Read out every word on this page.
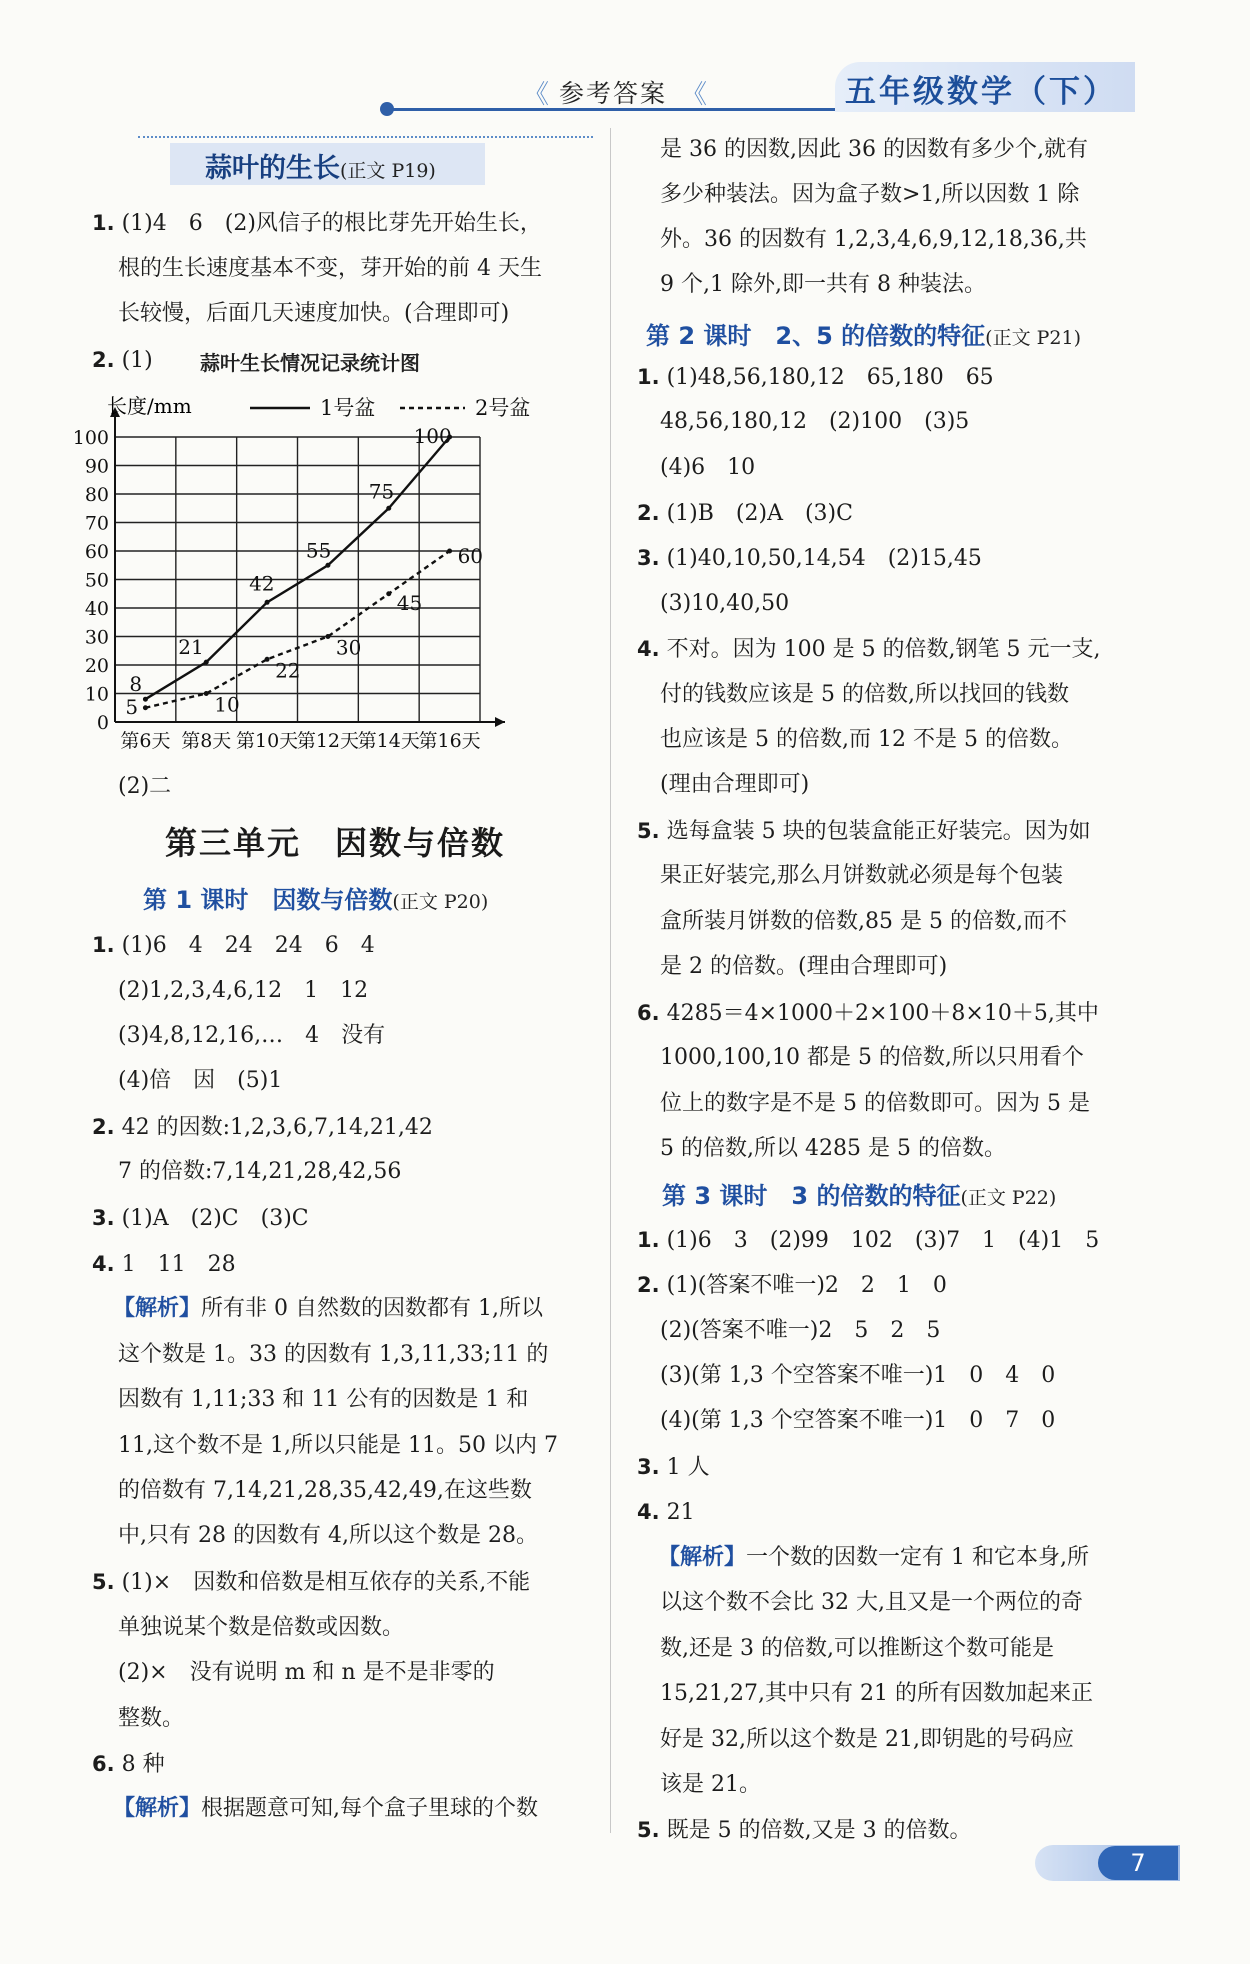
《 参考答案 《	五年级数学（下）
蒜叶的生长(正文 P19)
1. (1)4　6　(2)风信子的根比芽先开始生长，
根的生长速度基本不变，芽开始的前 4 天生
长较慢，后面几天速度加快。(合理即可)
2. (1) 蒜叶生长情况记录统计图
0
10
20
30
40
50
60
70
80
90
100
第6天 第8天 第10天
第12天
第14天
第16天
8
21
42
55
75
100
5	10
22
30
45
60
1号盆	2号盆
长度/mm
(2)二
第三单元　因数与倍数
第 1 课时　因数与倍数(正文 P20)
1. (1)6　4　24　24　6　4
(2)1,2,3,4,6,12　1　12
(3)4,8,12,16,…　4　没有
(4)倍　因　(5)1
2. 42 的因数:1,2,3,6,7,14,21,42
7 的倍数:7,14,21,28,42,56
3. (1)A　(2)C　(3)C
4. 1　11　28
【解析】所有非 0 自然数的因数都有 1,所以
这个数是 1。33 的因数有 1,3,11,33;11 的
因数有 1,11;33 和 11 公有的因数是 1 和
11,这个数不是 1,所以只能是 11。50 以内 7
的倍数有 7,14,21,28,35,42,49,在这些数
中,只有 28 的因数有 4,所以这个数是 28。
5. (1)×　因数和倍数是相互依存的关系,不能
单独说某个数是倍数或因数。
(2)×　没有说明 m 和 n 是不是非零的
整数。
6. 8 种
【解析】根据题意可知,每个盒子里球的个数
是 36 的因数,因此 36 的因数有多少个,就有
多少种装法。因为盒子数>1,所以因数 1 除
外。36 的因数有 1,2,3,4,6,9,12,18,36,共
9 个,1 除外,即一共有 8 种装法。
第 2 课时　2、5 的倍数的特征(正文 P21)
1. (1)48,56,180,12　65,180　65
48,56,180,12　(2)100　(3)5
(4)6　10
2. (1)B　(2)A　(3)C
3. (1)40,10,50,14,54　(2)15,45
(3)10,40,50
4. 不对。因为 100 是 5 的倍数,钢笔 5 元一支,
付的钱数应该是 5 的倍数,所以找回的钱数
也应该是 5 的倍数,而 12 不是 5 的倍数。
(理由合理即可)
5. 选每盒装 5 块的包装盒能正好装完。因为如
果正好装完,那么月饼数就必须是每个包装
盒所装月饼数的倍数,85 是 5 的倍数,而不
是 2 的倍数。(理由合理即可)
6. 4285＝4×1000＋2×100＋8×10＋5,其中
1000,100,10 都是 5 的倍数,所以只用看个
位上的数字是不是 5 的倍数即可。因为 5 是
5 的倍数,所以 4285 是 5 的倍数。
第 3 课时　3 的倍数的特征(正文 P22)
1. (1)6　3　(2)99　102　(3)7　1　(4)1　5
2. (1)(答案不唯一)2　2　1　0
(2)(答案不唯一)2　5　2　5
(3)(第 1,3 个空答案不唯一)1　0　4　0
(4)(第 1,3 个空答案不唯一)1　0　7　0
3. 1 人
4. 21
【解析】一个数的因数一定有 1 和它本身,所
以这个数不会比 32 大,且又是一个两位的奇
数,还是 3 的倍数,可以推断这个数可能是
15,21,27,其中只有 21 的所有因数加起来正
好是 32,所以这个数是 21,即钥匙的号码应
该是 21。
5. 既是 5 的倍数,又是 3 的倍数。
7
